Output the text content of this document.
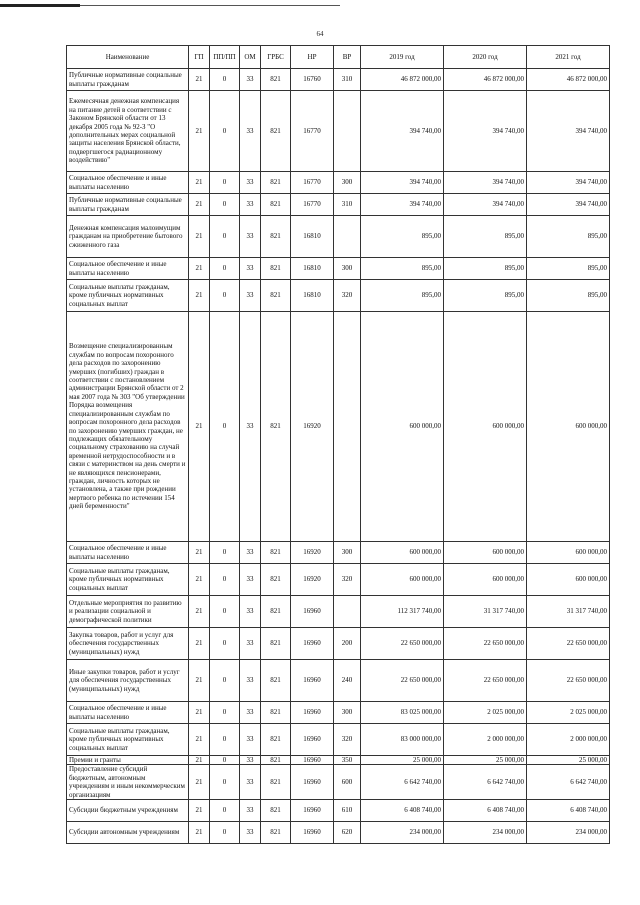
64
Наименование	ГП	ПП/ПП	ОМ	ГРБС	НР	ВР	2019 год	2020 год	2021 год
Публичные нормативные социальные выплаты гражданам	21	0	33	821	16760	310	46 872 000,00	46 872 000,00	46 872 000,00
Ежемесячная денежная компенсация на питание детей в соответствии с Законом Брянской области от 13 декабря 2005 года № 92-З "О дополнительных мерах социальной защиты населения Брянской области, подвергшегося радиационному воздействию"	21	0	33	821	16770		394 740,00	394 740,00	394 740,00
Социальное обеспечение и иные выплаты населению	21	0	33	821	16770	300	394 740,00	394 740,00	394 740,00
Публичные нормативные социальные выплаты гражданам	21	0	33	821	16770	310	394 740,00	394 740,00	394 740,00
Денежная компенсация малоимущим гражданам на приобретение бытового сжиженного газа	21	0	33	821	16810		895,00	895,00	895,00
Социальное обеспечение и иные выплаты населению	21	0	33	821	16810	300	895,00	895,00	895,00
Социальные выплаты гражданам, кроме публичных нормативных социальных выплат	21	0	33	821	16810	320	895,00	895,00	895,00
Возмещение специализированным службам по вопросам похоронного дела расходов по захоронению умерших (погибших) граждан в соответствии с постановлением администрации Брянской области от 2 мая 2007 года № 303 "Об утверждении Порядка возмещения специализированным службам по вопросам похоронного дела расходов по захоронению умерших граждан, не подлежащих обязательному социальному страхованию на случай временной нетрудоспособности и в связи с материнством на день смерти и не являющихся пенсионерами, граждан, личность которых не установлена, а также при рождении мертвого ребенка по истечении 154 дней беременности"	21	0	33	821	16920		600 000,00	600 000,00	600 000,00
Социальное обеспечение и иные выплаты населению	21	0	33	821	16920	300	600 000,00	600 000,00	600 000,00
Социальные выплаты гражданам, кроме публичных нормативных социальных выплат	21	0	33	821	16920	320	600 000,00	600 000,00	600 000,00
Отдельные мероприятия по развитию и реализации социальной и демографической политики	21	0	33	821	16960		112 317 740,00	31 317 740,00	31 317 740,00
Закупка товаров, работ и услуг для обеспечения государственных (муниципальных) нужд	21	0	33	821	16960	200	22 650 000,00	22 650 000,00	22 650 000,00
Иные закупки товаров, работ и услуг для обеспечения государственных (муниципальных) нужд	21	0	33	821	16960	240	22 650 000,00	22 650 000,00	22 650 000,00
Социальное обеспечение и иные выплаты населению	21	0	33	821	16960	300	83 025 000,00	2 025 000,00	2 025 000,00
Социальные выплаты гражданам, кроме публичных нормативных социальных выплат	21	0	33	821	16960	320	83 000 000,00	2 000 000,00	2 000 000,00
Премии и гранты	21	0	33	821	16960	350	25 000,00	25 000,00	25 000,00
Предоставление субсидий бюджетным, автономным учреждениям и иным некоммерческим организациям	21	0	33	821	16960	600	6 642 740,00	6 642 740,00	6 642 740,00
Субсидии бюджетным учреждениям	21	0	33	821	16960	610	6 408 740,00	6 408 740,00	6 408 740,00
Субсидии автономным учреждениям	21	0	33	821	16960	620	234 000,00	234 000,00	234 000,00
